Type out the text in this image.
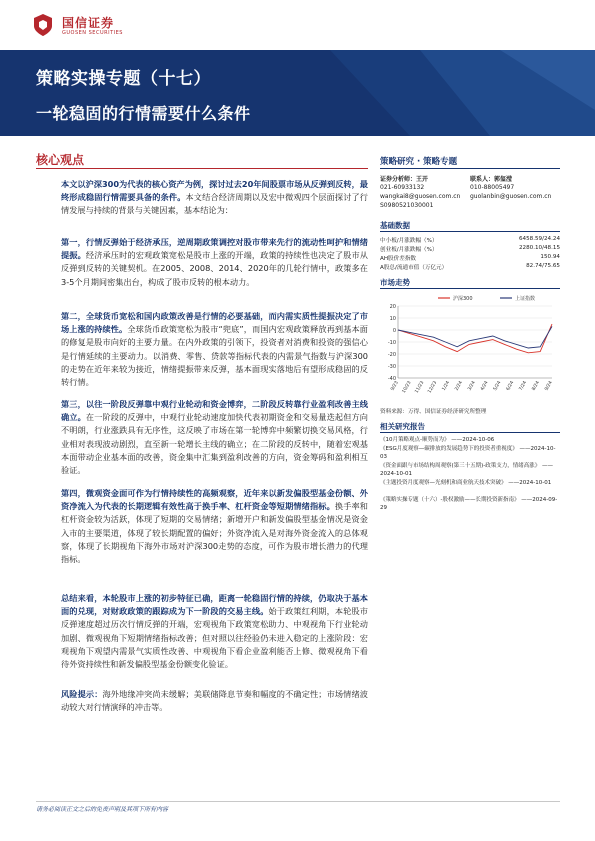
国信证券
GUOSEN SECURITIES
策略实操专题（十七）
一轮稳固的行情需要什么条件
核心观点
本文以沪深300为代表的核心资产为例，探讨过去20年间股票市场从反弹到反转，最终形成稳固行情需要具备的条件。本文结合经济周期以及宏中微观四个层面探讨了行情发展与持续的背景与关键因素，基本结论为：
第一，行情反弹始于经济承压，逆周期政策调控对股市带来先行的流动性呵护和情绪提振。经济承压时的宏观政策宽松是股市上涨的开端，政策的持续性也决定了股市从反弹到反转的关键契机。在2005、2008、2014、2020年的几轮行情中，政策多在3-5个月期间密集出台，构成了股市反转的根本动力。
第二，全球货币宽松和国内政策改善是行情的必要基础，而内需实质性提振决定了市场上涨的持续性。全球货币政策宽松为股市“兜底”，而国内宏观政策释放再到基本面的修复是股市向好的主要力量。在内外政策的引领下，投资者对消费和投资的强信心是行情延续的主要动力。以消费、零售、贷款等指标代表的内需景气指数与沪深300的走势在近年来较为接近，情绪提振带来反弹，基本面现实落地后有望形成稳固的反转行情。
第三，以往一阶段反弹靠中观行业轮动和资金博弈，二阶段反转靠行业盈利改善主线确立。在一阶段的反弹中，中观行业轮动速度加快代表初期资金和交易量迭起但方向不明朗，行业涨跌具有无序性，这反映了市场在第一轮博弈中频繁切换交易风格，行业相对表现波动剧烈，直至新一轮增长主线的确立；在二阶段的反转中，随着宏观基本面带动企业基本面的改善，资金集中汇集到盈利改善的方向，资金筹码和盈利相互验证。
第四，微观资金面可作为行情持续性的高频观察，近年来以新发偏股型基金份额、外资净流入为代表的长期逻辑有效性高于换手率、杠杆资金等短期情绪指标。换手率和杠杆资金较为活跃，体现了短期的交易情绪；新增开户和新发偏股型基金情况是资金入市的主要渠道，体现了较长期配置的偏好；外资净流入是对海外资金流入的总体观察，体现了长期视角下海外市场对沪深300走势的态度，可作为股市增长潜力的代理指标。
总结来看，本轮股市上涨的初步特征已确，距离一轮稳固行情的持续，仍取决于基本面的兑现，对财政政策的跟踪成为下一阶段的交易主线。始于政策红利期，本轮股市反弹速度超过历次行情反弹的开端，宏观视角下政策宽松助力、中观视角下行业轮动加剧、微观视角下短期情绪指标改善；但对照以往经验仍未进入稳定的上涨阶段：宏观视角下观望内需景气实质性改善、中观视角下看企业盈利能否上修、微观视角下看待外资持续性和新发偏股型基金份额变化验证。
风险提示：海外地缘冲突尚未缓解；美联储降息节奏和幅度的不确定性；市场情绪波动较大对行情演绎的冲击等。
策略研究 · 策略专题
证券分析师：王开
021-60933132
wangkai8@guosen.com.cn
S0980521030001
联系人：郭玺滢
010-88005497
guolanbin@guosen.com.cn
基础数据
中小板/月涨跌幅（%）	6458.59/24.24
创业板/月涨跌幅（%）	2280.10/48.15
AH股价差指数	150.94
A股总/流通市值（万亿元）	82.74/75.65
市场走势
20
10
0
-10
-20
-30
-40
9/23 10/23 11/23 12/23 1/24 2/24 3/24 4/24 5/24 6/24 7/24 8/24 9/24
沪深300	上证指数
资料来源：万得、国信证券经济研究所整理
相关研究报告
《10月策略观点-顺势而为》 ——2024-10-06
《ESG月度观察—碳排放的发展趋势下的投资者重视度》 ——2024-10-03
《资金面跟与市场结构周观察(第三十五期)-政策支力，情绪高涨》 ——2024-10-01
《主题投资月度观察—光刻机和商业航天技术突破》 ——2024-10-01
《策略实操专题（十六）-股权激励——长期投资新指南》 ——2024-09-29
请务必阅读正文之后的免责声明及其项下所有内容
